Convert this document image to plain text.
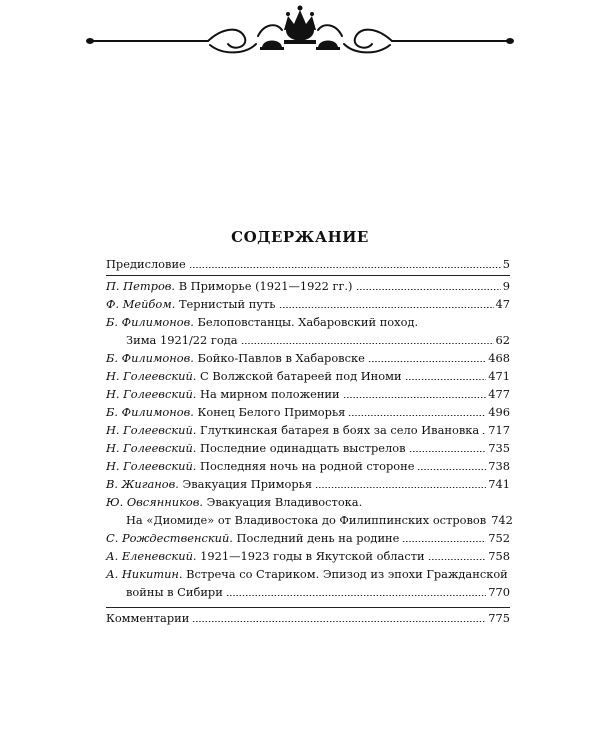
СОДЕРЖАНИЕ
Предисловие	5
П. Петров. В Приморье (1921—1922 гг.)	9
Ф. Мейбом. Тернистый путь	47
Б. Филимонов. Белоповстанцы. Хабаровский поход.
Зима 1921/22 года	62
Б. Филимонов. Бойко-Павлов в Хабаровске	468
Н. Голеевский. С Волжской батареей под Иноми	471
Н. Голеевский. На мирном положении	477
Б. Филимонов. Конец Белого Приморья	496
Н. Голеевский. Глуткинская батарея в боях за село Ивановка 717
Н. Голеевский. Последние одинадцать выстрелов	735
Н. Голеевский. Последняя ночь на родной стороне	738
В. Жиганов. Эвакуация Приморья	741
Ю. Овсянников. Эвакуация Владивостока.
На «Диомиде» от Владивостока до Филиппинских островов 742
С. Рождественский. Последний день на родине	752
А. Еленевский. 1921—1923 годы в Якутской области	758
А. Никитин. Встреча со Стариком. Эпизод из эпохи Гражданской
войны в Сибири	770
Комментарии	775
